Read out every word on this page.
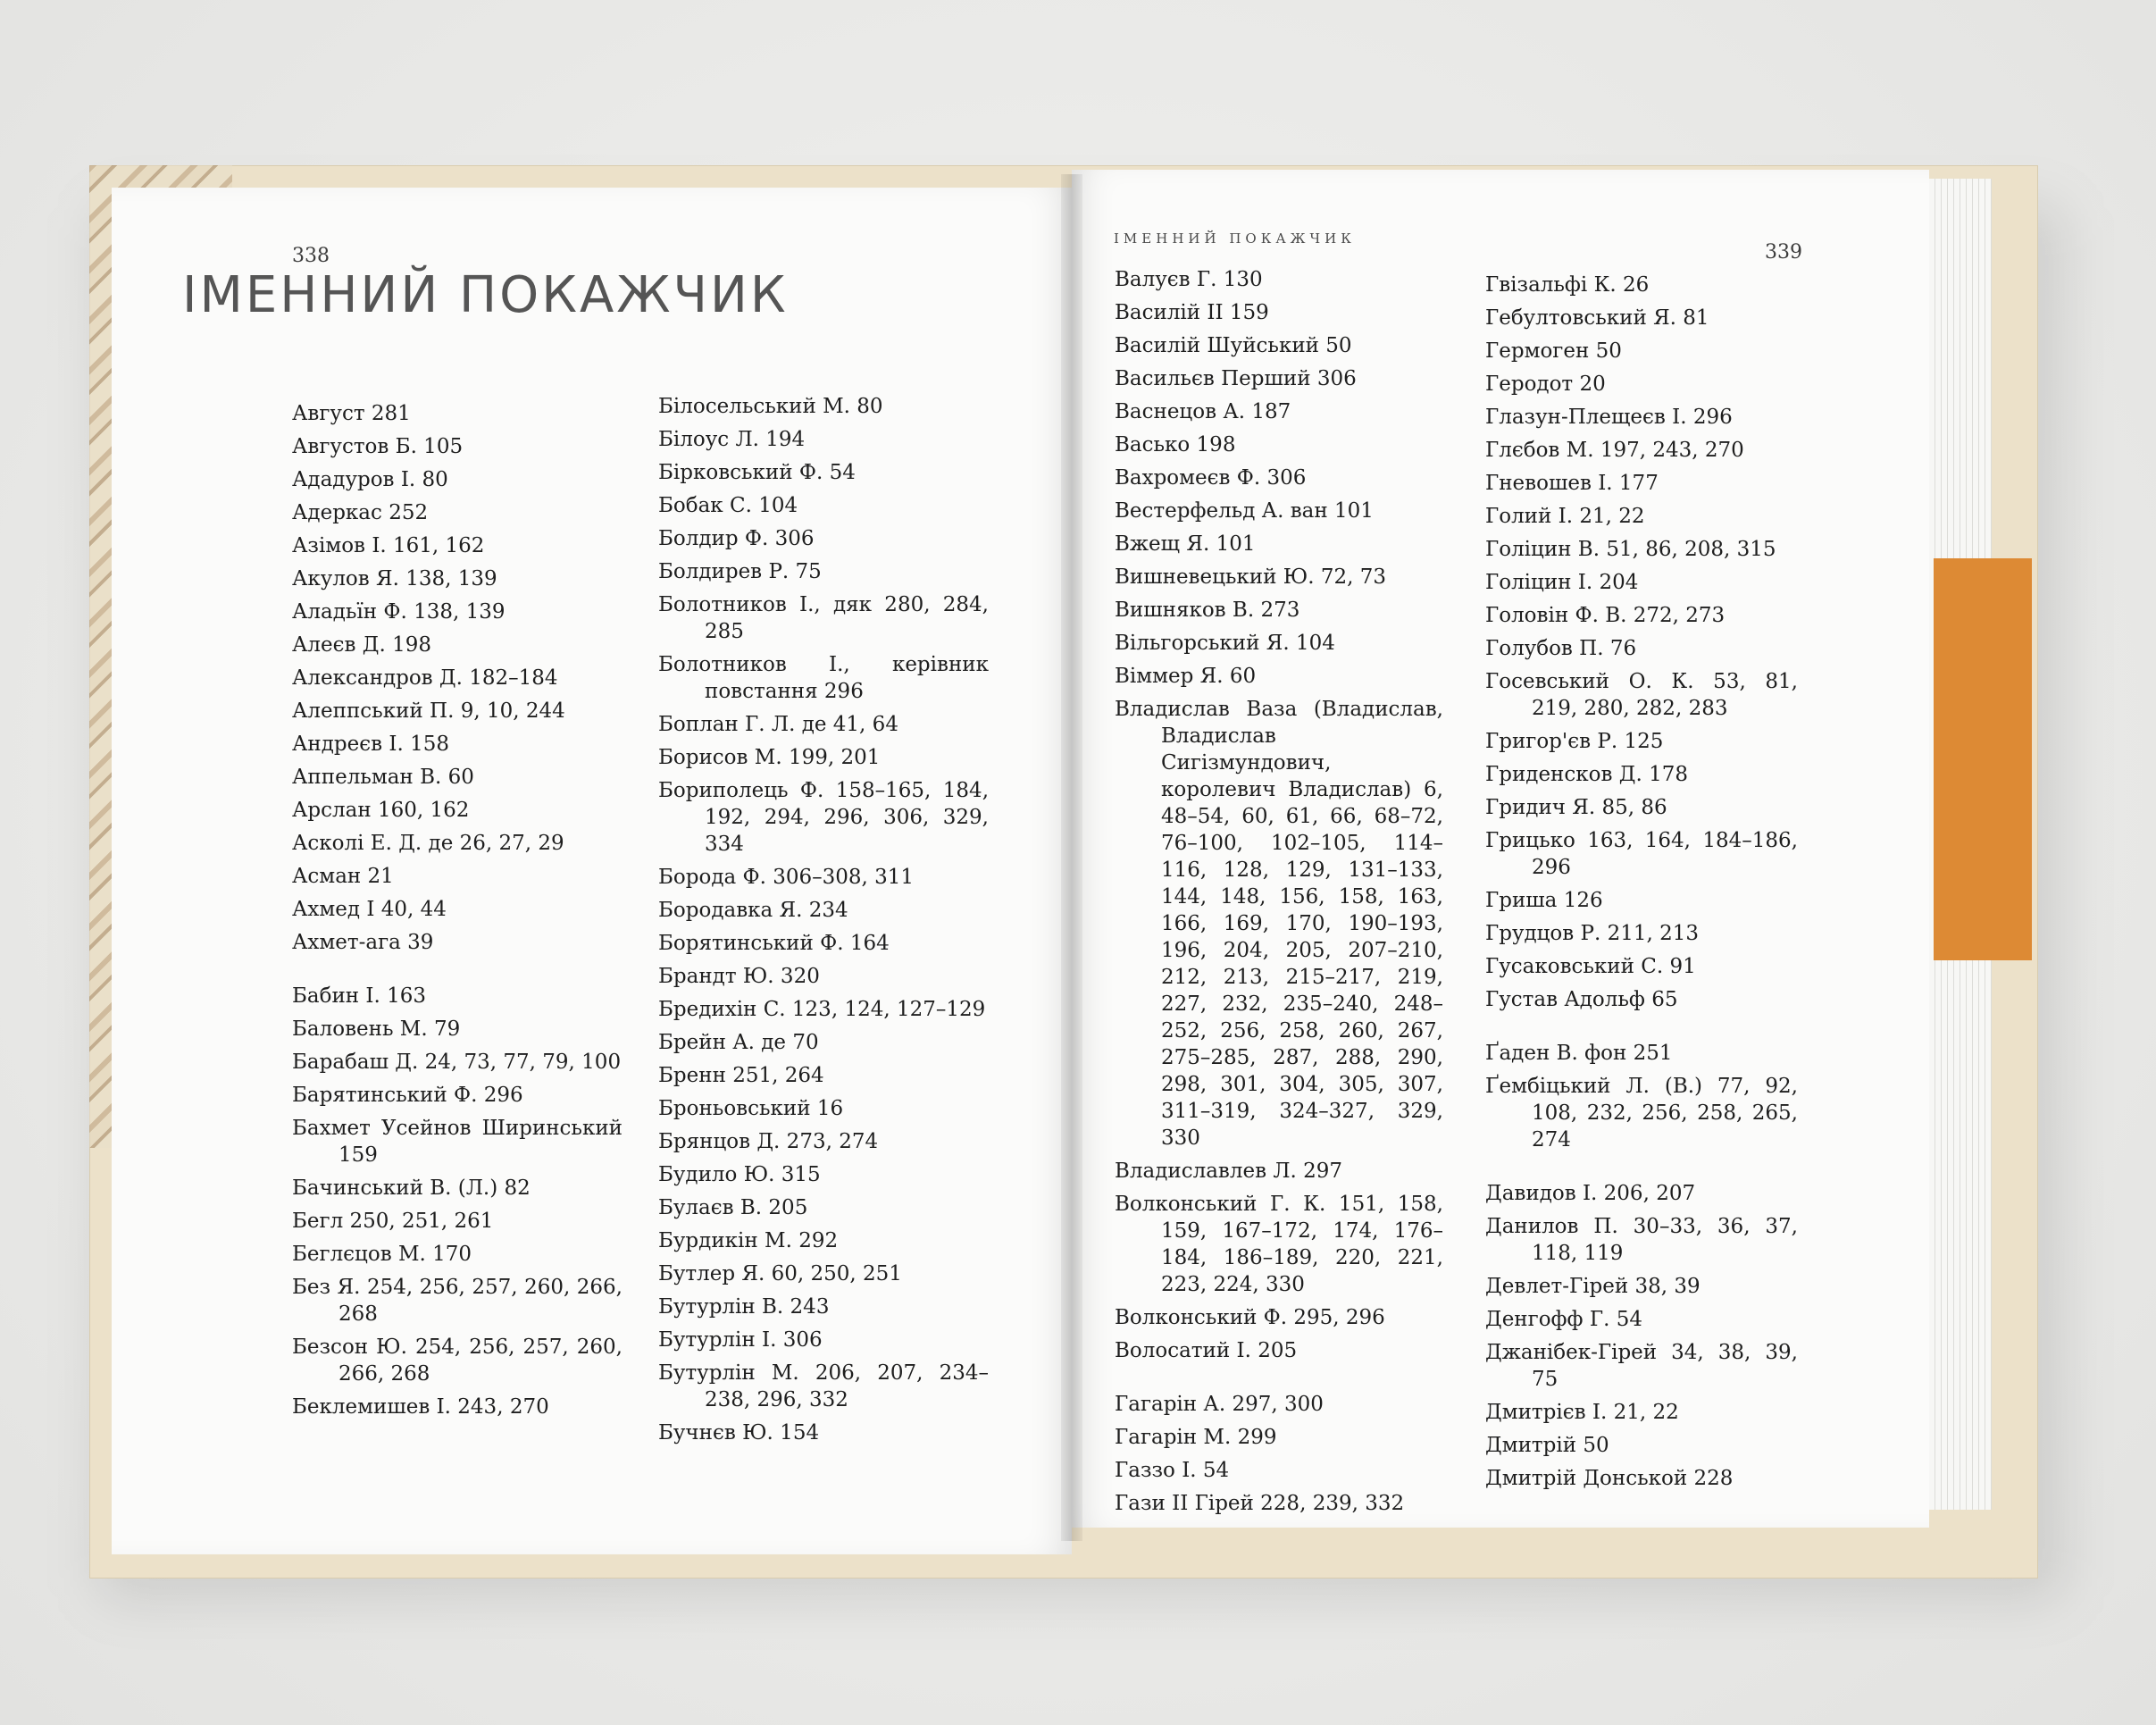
338
ІМЕННИЙ ПОКАЖЧИК
ІМЕННИЙ ПОКАЖЧИК
339
Август 281
Августов Б. 105
Ададуров І. 80
Адеркас 252
Азімов І. 161, 162
Акулов Я. 138, 139
Аладьїн Ф. 138, 139
Алеєв Д. 198
Александров Д. 182–184
Алеппський П. 9, 10, 244
Андреєв І. 158
Аппельман В. 60
Арслан 160, 162
Асколі Е. Д. де 26, 27, 29
Асман 21
Ахмед І 40, 44
Ахмет-ага 39
Бабин І. 163
Баловень М. 79
Барабаш Д. 24, 73, 77, 79, 100
Барятинський Ф. 296
Бахмет Усейнов Ширинський 159
Бачинський В. (Л.) 82
Бегл 250, 251, 261
Беглєцов М. 170
Без Я. 254, 256, 257, 260, 266, 268
Безсон Ю. 254, 256, 257, 260, 266, 268
Беклемишев І. 243, 270
Білосельський М. 80
Білоус Л. 194
Бірковський Ф. 54
Бобак С. 104
Болдир Ф. 306
Болдирев Р. 75
Болотников І., дяк 280, 284, 285
Болотников І., керівник повстання 296
Боплан Г. Л. де 41, 64
Борисов М. 199, 201
Бориполець Ф. 158–165, 184, 192, 294, 296, 306, 329, 334
Борода Ф. 306–308, 311
Бородавка Я. 234
Борятинський Ф. 164
Брандт Ю. 320
Бредихін С. 123, 124, 127–129
Брейн А. де 70
Бренн 251, 264
Броньовський 16
Брянцов Д. 273, 274
Будило Ю. 315
Булаєв В. 205
Бурдикін М. 292
Бутлер Я. 60, 250, 251
Бутурлін В. 243
Бутурлін І. 306
Бутурлін М. 206, 207, 234–238, 296, 332
Бучнєв Ю. 154
Валуєв Г. 130
Василій II 159
Василій Шуйський 50
Васильєв Перший 306
Васнецов А. 187
Васько 198
Вахромеєв Ф. 306
Вестерфельд А. ван 101
Вжещ Я. 101
Вишневецький Ю. 72, 73
Вишняков В. 273
Вільгорський Я. 104
Віммер Я. 60
Владислав Ваза (Владислав, Владислав Сигізмундович, королевич Владислав) 6, 48–54, 60, 61, 66, 68–72, 76–100, 102–105, 114–116, 128, 129, 131–133, 144, 148, 156, 158, 163, 166, 169, 170, 190–193, 196, 204, 205, 207–210, 212, 213, 215–217, 219, 227, 232, 235–240, 248–252, 256, 258, 260, 267, 275–285, 287, 288, 290, 298, 301, 304, 305, 307, 311–319, 324–327, 329, 330
Владиславлев Л. 297
Волконський Г. К. 151, 158, 159, 167–172, 174, 176–184, 186–189, 220, 221, 223, 224, 330
Волконський Ф. 295, 296
Волосатий І. 205
Гагарін А. 297, 300
Гагарін М. 299
Газзо І. 54
Гази II Гірей 228, 239, 332
Гвізальфі К. 26
Гебултовський Я. 81
Гермоген 50
Геродот 20
Глазун-Плещеєв І. 296
Глєбов М. 197, 243, 270
Гневошев І. 177
Голий І. 21, 22
Голіцин В. 51, 86, 208, 315
Голіцин І. 204
Головін Ф. В. 272, 273
Голубов П. 76
Госевський О. К. 53, 81, 219, 280, 282, 283
Григор'єв Р. 125
Гриденсков Д. 178
Гридич Я. 85, 86
Грицько 163, 164, 184–186, 296
Гриша 126
Грудцов Р. 211, 213
Гусаковський С. 91
Густав Адольф 65
Ґаден В. фон 251
Ґембіцький Л. (В.) 77, 92, 108, 232, 256, 258, 265, 274
Давидов І. 206, 207
Данилов П. 30–33, 36, 37, 118, 119
Девлет-Гірей 38, 39
Денгофф Г. 54
Джанібек-Гірей 34, 38, 39, 75
Дмитрієв І. 21, 22
Дмитрій 50
Дмитрій Донськой 228
